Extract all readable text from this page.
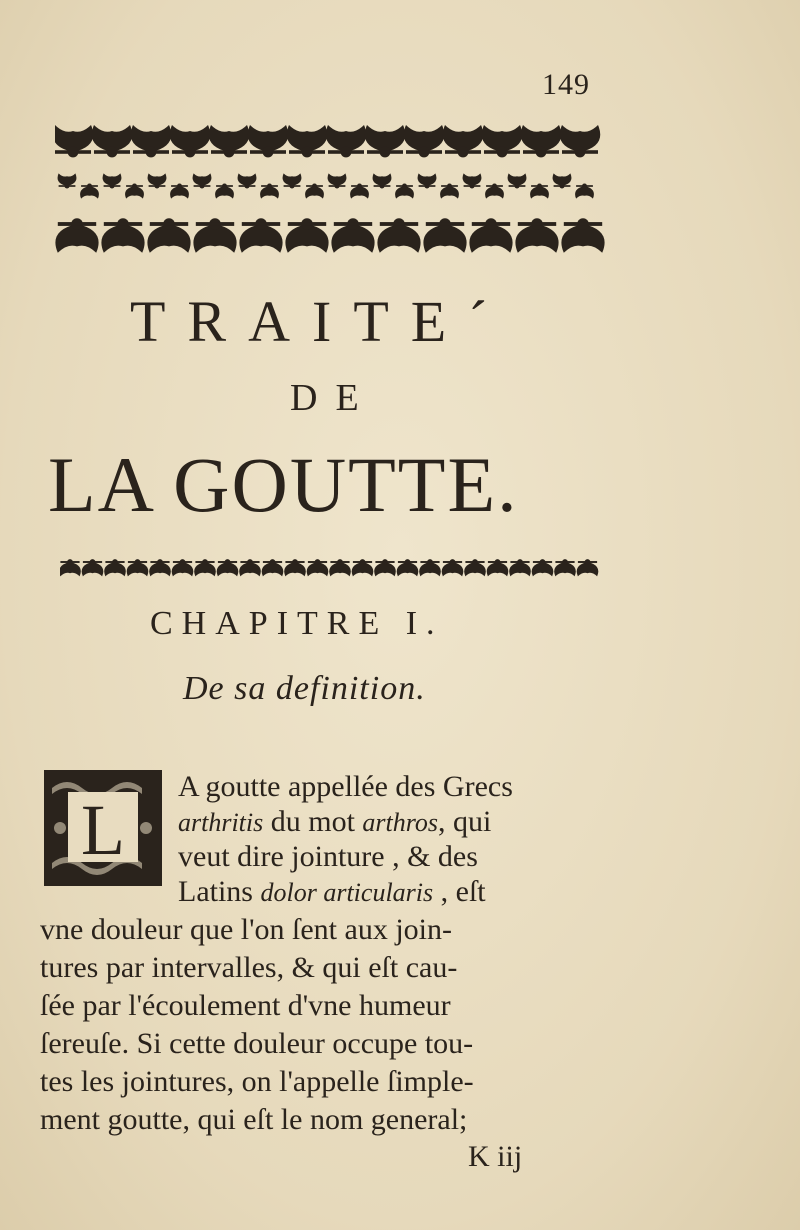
149
TRAITE´
DE
LA GOUTTE.
CHAPITRE I.
De sa definition.
L
A goutte appellée des Grecs
arthritis du mot arthros, qui
veut dire jointure , & des
Latins dolor articularis , eſt
vne douleur que l'on ſent aux join-
tures par intervalles, & qui eſt cau-
ſée par l'écoulement d'vne humeur
ſereuſe. Si cette douleur occupe tou-
tes les jointures, on l'appelle ſimple-
ment goutte, qui eſt le nom general;
K iij
